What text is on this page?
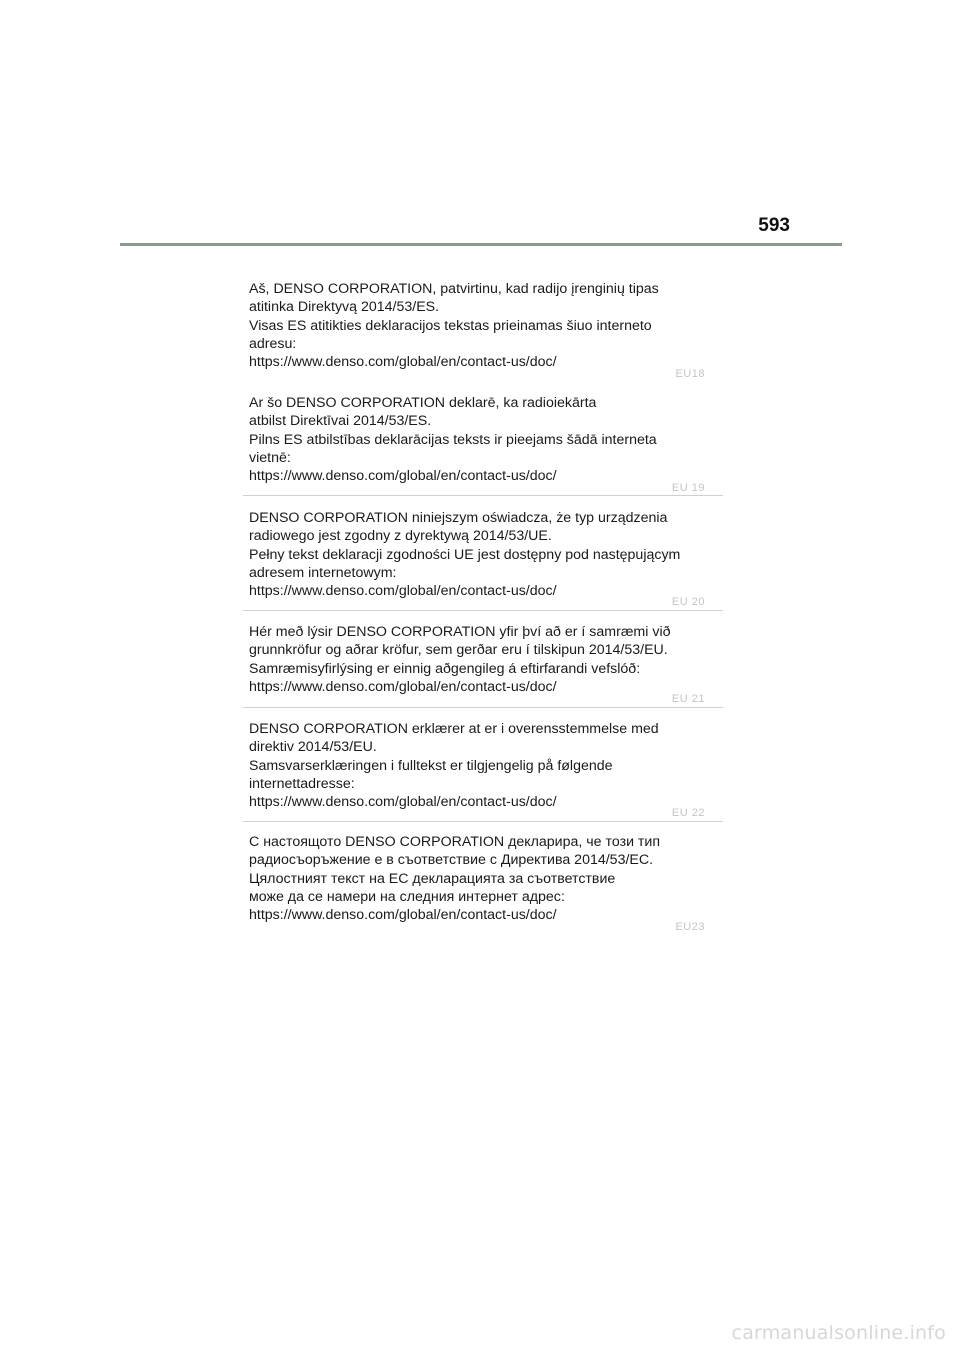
593
Aš, DENSO CORPORATION, patvirtinu, kad radijo įrenginių tipas
atitinka Direktyvą 2014/53/ES.
Visas ES atitikties deklaracijos tekstas prieinamas šiuo interneto
adresu:
https://www.denso.com/global/en/contact-us/doc/
EU18
Ar šo DENSO CORPORATION deklarē, ka radioiekārta
atbilst Direktīvai 2014/53/ES.
Pilns ES atbilstības deklarācijas teksts ir pieejams šādā interneta
vietnē:
https://www.denso.com/global/en/contact-us/doc/
EU 19
DENSO CORPORATION niniejszym oświadcza, że typ urządzenia
radiowego jest zgodny z dyrektywą 2014/53/UE.
Pełny tekst deklaracji zgodności UE jest dostępny pod następującym
adresem internetowym:
https://www.denso.com/global/en/contact-us/doc/
EU 20
Hér með lýsir DENSO CORPORATION yfir því að er í samræmi við
grunnkröfur og aðrar kröfur, sem gerðar eru í tilskipun 2014/53/EU.
Samræmisyfirlýsing er einnig aðgengileg á eftirfarandi vefslóð:
https://www.denso.com/global/en/contact-us/doc/
EU 21
DENSO CORPORATION erklærer at er i overensstemmelse med
direktiv 2014/53/EU.
Samsvarserklæringen i fulltekst er tilgjengelig på følgende
internettadresse:
https://www.denso.com/global/en/contact-us/doc/
EU 22
С настоящото DENSO CORPORATION декларира, че този тип
радиосъоръжение е в съответствие с Директива 2014/53/ЕС.
Цялостният текст на ЕС декларацията за съответствие
може да се намери на следния интернет адрес:
https://www.denso.com/global/en/contact-us/doc/
EU23
carmanualsonline.info
